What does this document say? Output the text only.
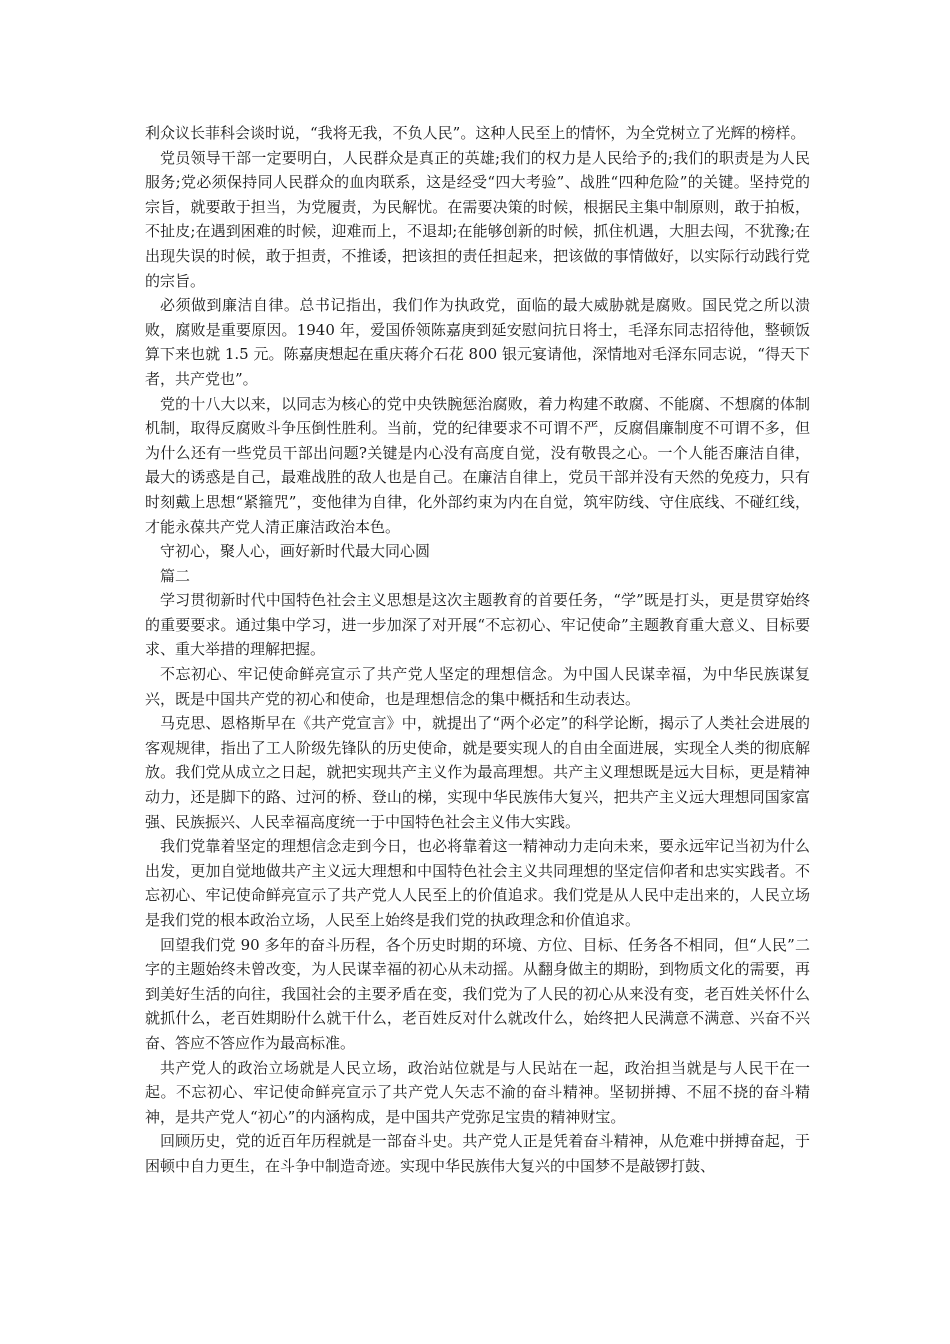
利众议长菲科会谈时说，“我将无我，不负人民”。这种人民至上的情怀，为全党树立了光辉的榜样。

党员领导干部一定要明白，人民群众是真正的英雄;我们的权力是人民给予的;我们的职责是为人民服务;党必须保持同人民群众的血肉联系，这是经受“四大考验”、战胜“四种危险”的关键。坚持党的宗旨，就要敢于担当，为党履责，为民解忧。在需要决策的时候，根据民主集中制原则，敢于拍板，不扯皮;在遇到困难的时候，迎难而上，不退却;在能够创新的时候，抓住机遇，大胆去闯，不犹豫;在出现失误的时候，敢于担责，不推诿，把该担的责任担起来，把该做的事情做好，以实际行动践行党的宗旨。

必须做到廉洁自律。总书记指出，我们作为执政党，面临的最大威胁就是腐败。国民党之所以溃败，腐败是重要原因。1940 年，爱国侨领陈嘉庚到延安慰问抗日将士，毛泽东同志招待他，整顿饭算下来也就 1.5 元。陈嘉庚想起在重庆蒋介石花 800 银元宴请他，深情地对毛泽东同志说，“得天下者，共产党也”。

党的十八大以来，以同志为核心的党中央铁腕惩治腐败，着力构建不敢腐、不能腐、不想腐的体制机制，取得反腐败斗争压倒性胜利。当前，党的纪律要求不可谓不严，反腐倡廉制度不可谓不多，但为什么还有一些党员干部出问题?关键是内心没有高度自觉，没有敬畏之心。一个人能否廉洁自律，最大的诱惑是自己，最难战胜的敌人也是自己。在廉洁自律上，党员干部并没有天然的免疫力，只有时刻戴上思想“紧箍咒”，变他律为自律，化外部约束为内在自觉，筑牢防线、守住底线、不碰红线，才能永葆共产党人清正廉洁政治本色。

守初心，聚人心，画好新时代最大同心圆

篇二

学习贯彻新时代中国特色社会主义思想是这次主题教育的首要任务，“学”既是打头，更是贯穿始终的重要要求。通过集中学习，进一步加深了对开展“不忘初心、牢记使命”主题教育重大意义、目标要求、重大举措的理解把握。

不忘初心、牢记使命鲜亮宣示了共产党人坚定的理想信念。为中国人民谋幸福，为中华民族谋复兴，既是中国共产党的初心和使命，也是理想信念的集中概括和生动表达。

马克思、恩格斯早在《共产党宣言》中，就提出了“两个必定”的科学论断，揭示了人类社会进展的客观规律，指出了工人阶级先锋队的历史使命，就是要实现人的自由全面进展，实现全人类的彻底解放。我们党从成立之日起，就把实现共产主义作为最高理想。共产主义理想既是远大目标，更是精神动力，还是脚下的路、过河的桥、登山的梯，实现中华民族伟大复兴，把共产主义远大理想同国家富强、民族振兴、人民幸福高度统一于中国特色社会主义伟大实践。

我们党靠着坚定的理想信念走到今日，也必将靠着这一精神动力走向未来，要永远牢记当初为什么出发，更加自觉地做共产主义远大理想和中国特色社会主义共同理想的坚定信仰者和忠实实践者。不忘初心、牢记使命鲜亮宣示了共产党人人民至上的价值追求。我们党是从人民中走出来的，人民立场是我们党的根本政治立场，人民至上始终是我们党的执政理念和价值追求。

回望我们党 90 多年的奋斗历程，各个历史时期的环境、方位、目标、任务各不相同，但“人民”二字的主题始终未曾改变，为人民谋幸福的初心从未动摇。从翻身做主的期盼，到物质文化的需要，再到美好生活的向往，我国社会的主要矛盾在变，我们党为了人民的初心从来没有变，老百姓关怀什么就抓什么，老百姓期盼什么就干什么，老百姓反对什么就改什么，始终把人民满意不满意、兴奋不兴奋、答应不答应作为最高标准。

共产党人的政治立场就是人民立场，政治站位就是与人民站在一起，政治担当就是与人民干在一起。不忘初心、牢记使命鲜亮宣示了共产党人矢志不渝的奋斗精神。坚韧拼搏、不屈不挠的奋斗精神，是共产党人“初心”的内涵构成，是中国共产党弥足宝贵的精神财宝。

回顾历史，党的近百年历程就是一部奋斗史。共产党人正是凭着奋斗精神，从危难中拼搏奋起，于困顿中自力更生，在斗争中制造奇迹。实现中华民族伟大复兴的中国梦不是敲锣打鼓、
